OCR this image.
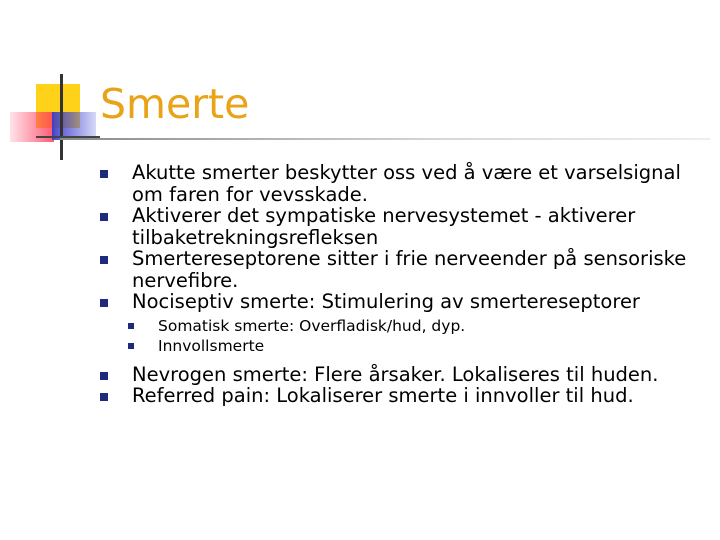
Smerte
Akutte smerter beskytter oss ved å være et varselsignal om faren for vevsskade.
Aktiverer det sympatiske nervesystemet - aktiverer tilbaketrekningsrefleksen
Smertereseptorene sitter i frie nerveender på sensoriske nervefibre.
Nociseptiv smerte: Stimulering av smertereseptorer
Somatisk smerte: Overfladisk/hud, dyp.
Innvollsmerte
Nevrogen smerte: Flere årsaker. Lokaliseres til huden.
Referred pain: Lokaliserer smerte i innvoller til hud.
